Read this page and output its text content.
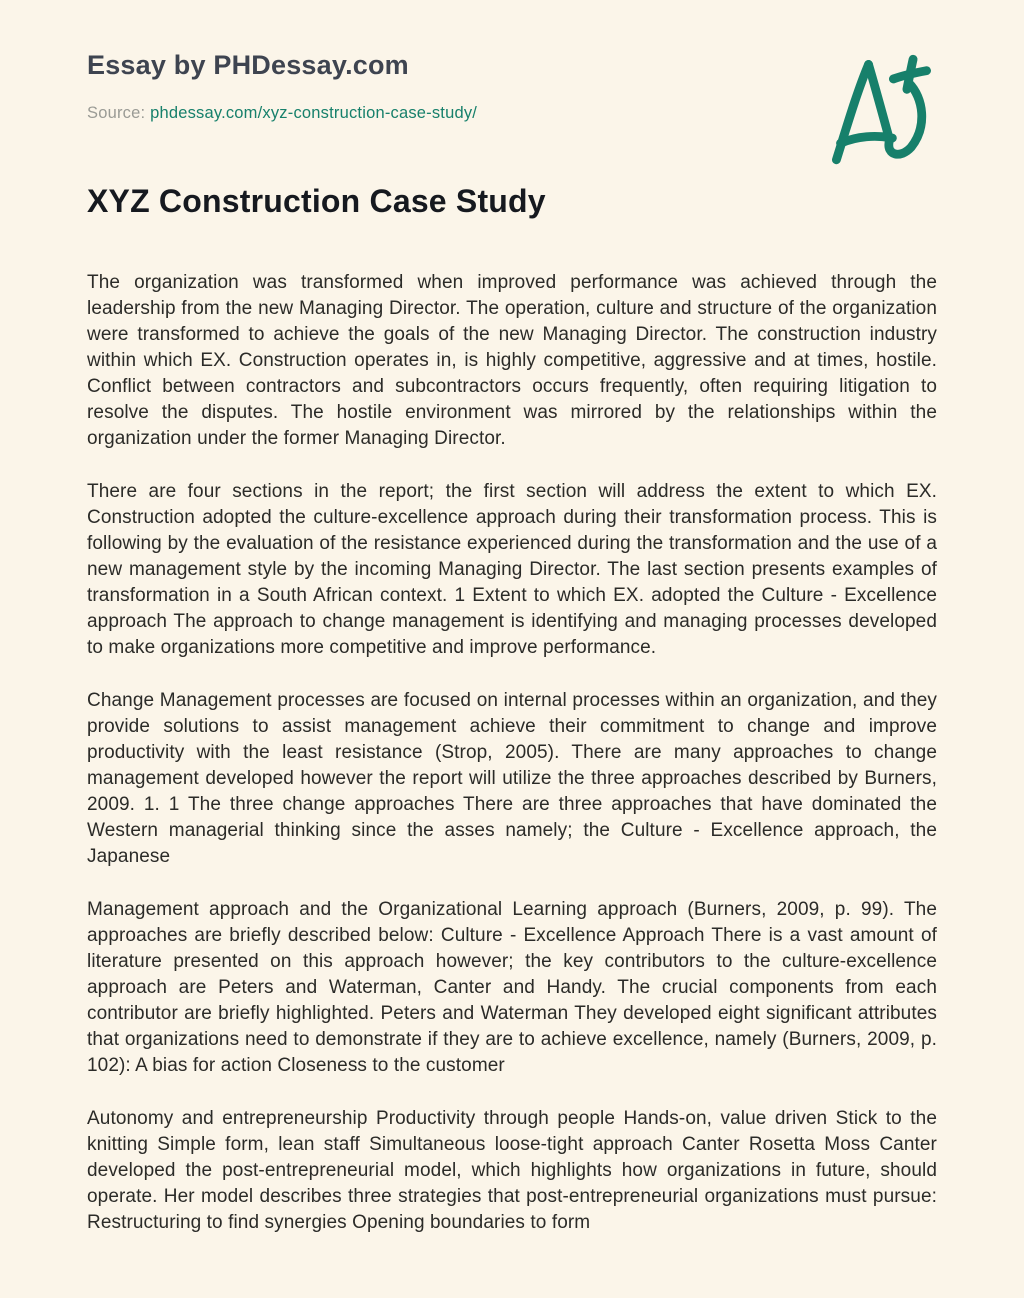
Essay by PHDessay.com
Source: phdessay.com/xyz-construction-case-study/
XYZ Construction Case Study

The organization was transformed when improved performance was achieved through the leadership from the new Managing Director. The operation, culture and structure of the organization were transformed to achieve the goals of the new Managing Director. The construction industry within which EX. Construction operates in, is highly competitive, aggressive and at times, hostile. Conflict between contractors and subcontractors occurs frequently, often requiring litigation to resolve the disputes. The hostile environment was mirrored by the relationships within the organization under the former Managing Director.

There are four sections in the report; the first section will address the extent to which EX. Construction adopted the culture-excellence approach during their transformation process. This is following by the evaluation of the resistance experienced during the transformation and the use of a new management style by the incoming Managing Director. The last section presents examples of transformation in a South African context. 1 Extent to which EX. adopted the Culture - Excellence approach The approach to change management is identifying and managing processes developed to make organizations more competitive and improve performance.

Change Management processes are focused on internal processes within an organization, and they provide solutions to assist management achieve their commitment to change and improve productivity with the least resistance (Strop, 2005). There are many approaches to change management developed however the report will utilize the three approaches described by Burners, 2009. 1. 1 The three change approaches There are three approaches that have dominated the Western managerial thinking since the asses namely; the Culture - Excellence approach, the Japanese

Management approach and the Organizational Learning approach (Burners, 2009, p. 99). The approaches are briefly described below: Culture - Excellence Approach There is a vast amount of literature presented on this approach however; the key contributors to the culture-excellence approach are Peters and Waterman, Canter and Handy. The crucial components from each contributor are briefly highlighted. Peters and Waterman They developed eight significant attributes that organizations need to demonstrate if they are to achieve excellence, namely (Burners, 2009, p. 102): A bias for action Closeness to the customer

Autonomy and entrepreneurship Productivity through people Hands-on, value driven Stick to the knitting Simple form, lean staff Simultaneous loose-tight approach Canter Rosetta Moss Canter developed the post-entrepreneurial model, which highlights how organizations in future, should operate. Her model describes three strategies that post-entrepreneurial organizations must pursue: Restructuring to find synergies Opening boundaries to form
